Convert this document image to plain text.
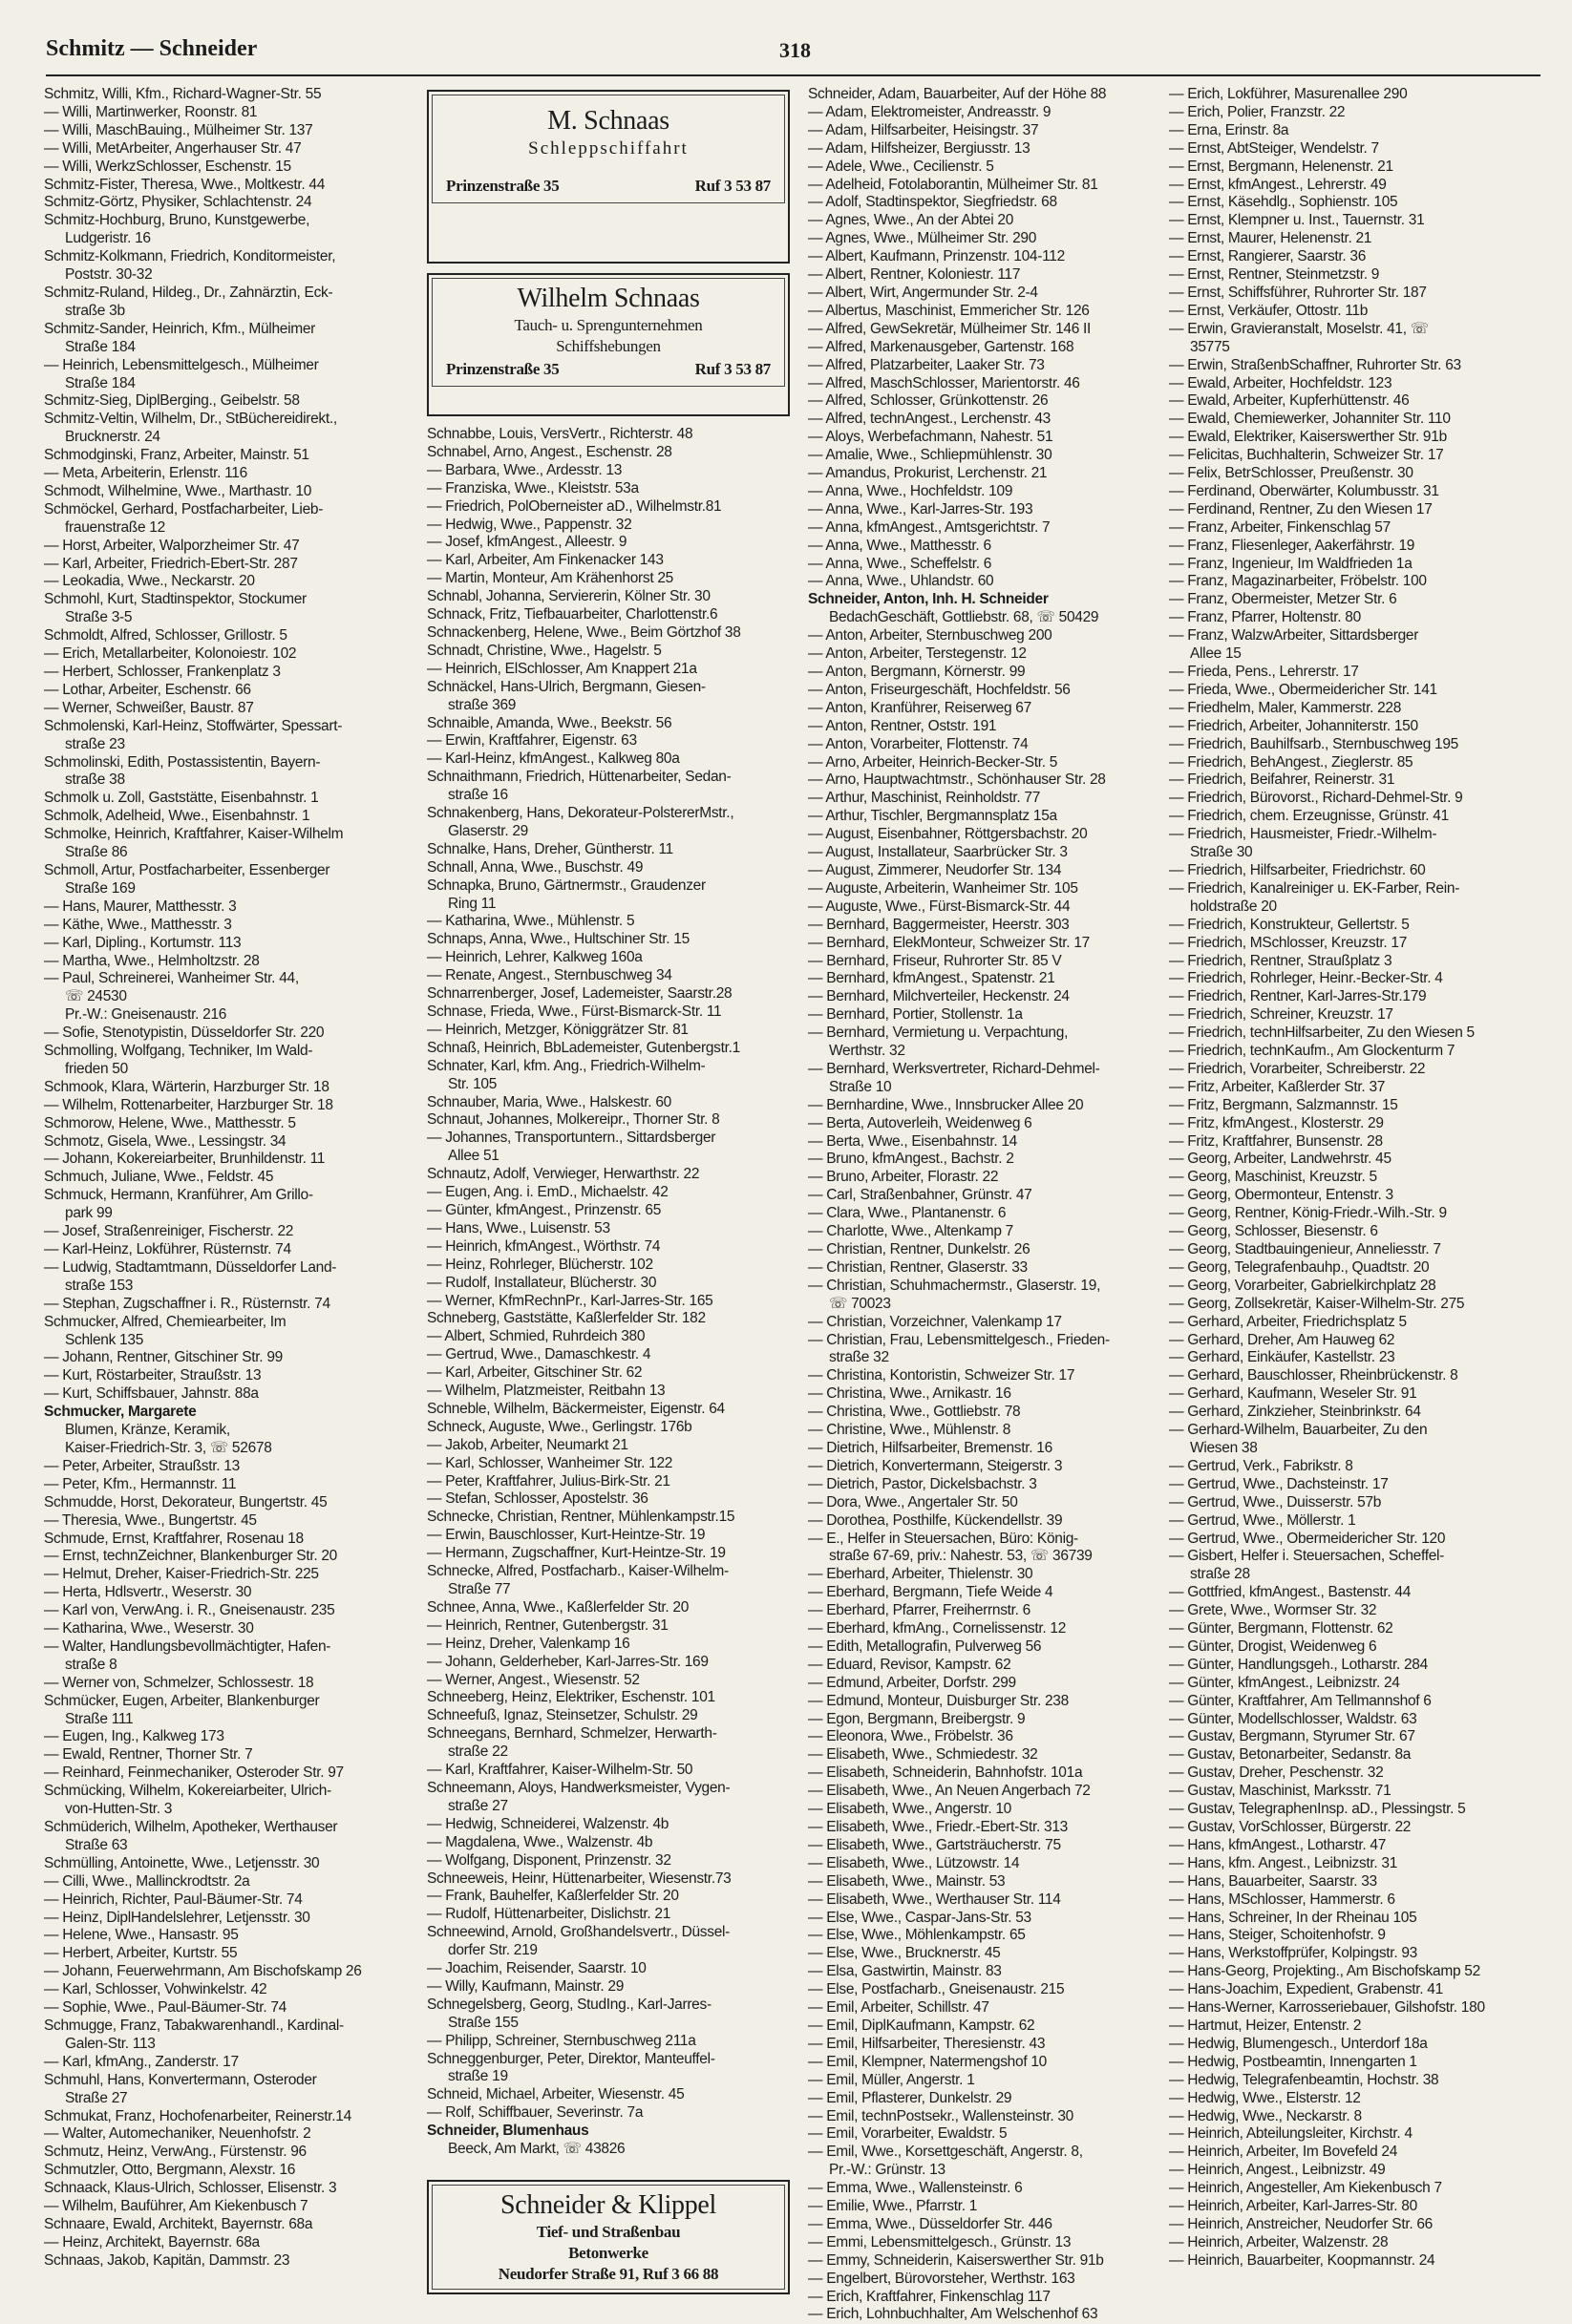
Schmitz — Schneider	318
Schmitz, Willi, Kfm., Richard-Wagner-Str. 55
— Willi, Martinwerker, Roonstr. 81
— Willi, MaschBauing., Mülheimer Str. 137
— Willi, MetArbeiter, Angerhauser Str. 47
— Willi, WerkzSchlosser, Eschenstr. 15
Schmitz-Fister, Theresa, Wwe., Moltkestr. 44
Schmitz-Görtz, Physiker, Schlachtenstr. 24
Schmitz-Hochburg, Bruno, Kunstgewerbe,
Ludgeristr. 16
Schmitz-Kolkmann, Friedrich, Konditormeister,
Poststr. 30-32
Schmitz-Ruland, Hildeg., Dr., Zahnärztin, Eck-
straße 3b
Schmitz-Sander, Heinrich, Kfm., Mülheimer
Straße 184
— Heinrich, Lebensmittelgesch., Mülheimer
Straße 184
Schmitz-Sieg, DiplBerging., Geibelstr. 58
Schmitz-Veltin, Wilhelm, Dr., StBüchereidirekt.,
Brucknerstr. 24
Schmodginski, Franz, Arbeiter, Mainstr. 51
— Meta, Arbeiterin, Erlenstr. 116
Schmodt, Wilhelmine, Wwe., Marthastr. 10
Schmöckel, Gerhard, Postfacharbeiter, Lieb-
frauenstraße 12
— Horst, Arbeiter, Walporzheimer Str. 47
— Karl, Arbeiter, Friedrich-Ebert-Str. 287
— Leokadia, Wwe., Neckarstr. 20
Schmohl, Kurt, Stadtinspektor, Stockumer
Straße 3-5
Schmoldt, Alfred, Schlosser, Grillostr. 5
— Erich, Metallarbeiter, Kolonoiestr. 102
— Herbert, Schlosser, Frankenplatz 3
— Lothar, Arbeiter, Eschenstr. 66
— Werner, Schweißer, Baustr. 87
Schmolenski, Karl-Heinz, Stoffwärter, Spessart-
straße 23
Schmolinski, Edith, Postassistentin, Bayern-
straße 38
Schmolk u. Zoll, Gaststätte, Eisenbahnstr. 1
Schmolk, Adelheid, Wwe., Eisenbahnstr. 1
Schmolke, Heinrich, Kraftfahrer, Kaiser-Wilhelm
Straße 86
Schmoll, Artur, Postfacharbeiter, Essenberger
Straße 169
— Hans, Maurer, Matthesstr. 3
— Käthe, Wwe., Matthesstr. 3
— Karl, Dipling., Kortumstr. 113
— Martha, Wwe., Helmholtzstr. 28
— Paul, Schreinerei, Wanheimer Str. 44,
☏ 24530
Pr.-W.: Gneisenaustr. 216
— Sofie, Stenotypistin, Düsseldorfer Str. 220
Schmolling, Wolfgang, Techniker, Im Wald-
frieden 50
Schmook, Klara, Wärterin, Harzburger Str. 18
— Wilhelm, Rottenarbeiter, Harzburger Str. 18
Schmorow, Helene, Wwe., Matthesstr. 5
Schmotz, Gisela, Wwe., Lessingstr. 34
— Johann, Kokereiarbeiter, Brunhildenstr. 11
Schmuch, Juliane, Wwe., Feldstr. 45
Schmuck, Hermann, Kranführer, Am Grillo-
park 99
— Josef, Straßenreiniger, Fischerstr. 22
— Karl-Heinz, Lokführer, Rüsternstr. 74
— Ludwig, Stadtamtmann, Düsseldorfer Land-
straße 153
— Stephan, Zugschaffner i. R., Rüsternstr. 74
Schmucker, Alfred, Chemiearbeiter, Im
Schlenk 135
— Johann, Rentner, Gitschiner Str. 99
— Kurt, Röstarbeiter, Straußstr. 13
— Kurt, Schiffsbauer, Jahnstr. 88a
Schmucker, Margarete
Blumen, Kränze, Keramik,
Kaiser-Friedrich-Str. 3, ☏ 52678
— Peter, Arbeiter, Straußstr. 13
— Peter, Kfm., Hermannstr. 11
Schmudde, Horst, Dekorateur, Bungertstr. 45
— Theresia, Wwe., Bungertstr. 45
Schmude, Ernst, Kraftfahrer, Rosenau 18
— Ernst, technZeichner, Blankenburger Str. 20
— Helmut, Dreher, Kaiser-Friedrich-Str. 225
— Herta, Hdlsvertr., Weserstr. 30
— Karl von, VerwAng. i. R., Gneisenaustr. 235
— Katharina, Wwe., Weserstr. 30
— Walter, Handlungsbevollmächtigter, Hafen-
straße 8
— Werner von, Schmelzer, Schlossestr. 18
Schmücker, Eugen, Arbeiter, Blankenburger
Straße 111
— Eugen, Ing., Kalkweg 173
— Ewald, Rentner, Thorner Str. 7
— Reinhard, Feinmechaniker, Osteroder Str. 97
Schmücking, Wilhelm, Kokereiarbeiter, Ulrich-
von-Hutten-Str. 3
Schmüderich, Wilhelm, Apotheker, Werthauser
Straße 63
Schmülling, Antoinette, Wwe., Letjensstr. 30
— Cilli, Wwe., Mallinckrodtstr. 2a
— Heinrich, Richter, Paul-Bäumer-Str. 74
— Heinz, DiplHandelslehrer, Letjensstr. 30
— Helene, Wwe., Hansastr. 95
— Herbert, Arbeiter, Kurtstr. 55
— Johann, Feuerwehrmann, Am Bischofskamp 26
— Karl, Schlosser, Vohwinkelstr. 42
— Sophie, Wwe., Paul-Bäumer-Str. 74
Schmugge, Franz, Tabakwarenhandl., Kardinal-
Galen-Str. 113
— Karl, kfmAng., Zanderstr. 17
Schmuhl, Hans, Konvertermann, Osteroder
Straße 27
Schmukat, Franz, Hochofenarbeiter, Reinerstr.14
— Walter, Automechaniker, Neuenhofstr. 2
Schmutz, Heinz, VerwAng., Fürstenstr. 96
Schmutzler, Otto, Bergmann, Alexstr. 16
Schnaack, Klaus-Ulrich, Schlosser, Elisenstr. 3
— Wilhelm, Bauführer, Am Kiekenbusch 7
Schnaare, Ewald, Architekt, Bayernstr. 68a
— Heinz, Architekt, Bayernstr. 68a
Schnaas, Jakob, Kapitän, Dammstr. 23
M. Schnaas
Schleppschiffahrt
Prinzenstraße 35	Ruf 3 53 87
Wilhelm Schnaas
Tauch- u. Sprengunternehmen
Schiffshebungen
Prinzenstraße 35	Ruf 3 53 87
Schnabbe, Louis, VersVertr., Richterstr. 48
Schnabel, Arno, Angest., Eschenstr. 28
— Barbara, Wwe., Ardesstr. 13
— Franziska, Wwe., Kleiststr. 53a
— Friedrich, PolOberneister aD., Wilhelmstr.81
— Hedwig, Wwe., Pappenstr. 32
— Josef, kfmAngest., Alleestr. 9
— Karl, Arbeiter, Am Finkenacker 143
— Martin, Monteur, Am Krähenhorst 25
Schnabl, Johanna, Serviererin, Kölner Str. 30
Schnack, Fritz, Tiefbauarbeiter, Charlottenstr.6
Schnackenberg, Helene, Wwe., Beim Görtzhof 38
Schnadt, Christine, Wwe., Hagelstr. 5
— Heinrich, ElSchlosser, Am Knappert 21a
Schnäckel, Hans-Ulrich, Bergmann, Giesen-
straße 369
Schnaible, Amanda, Wwe., Beekstr. 56
— Erwin, Kraftfahrer, Eigenstr. 63
— Karl-Heinz, kfmAngest., Kalkweg 80a
Schnaithmann, Friedrich, Hüttenarbeiter, Sedan-
straße 16
Schnakenberg, Hans, Dekorateur-PolstererMstr.,
Glaserstr. 29
Schnalke, Hans, Dreher, Güntherstr. 11
Schnall, Anna, Wwe., Buschstr. 49
Schnapka, Bruno, Gärtnermstr., Graudenzer
Ring 11
— Katharina, Wwe., Mühlenstr. 5
Schnaps, Anna, Wwe., Hultschiner Str. 15
— Heinrich, Lehrer, Kalkweg 160a
— Renate, Angest., Sternbuschweg 34
Schnarrenberger, Josef, Lademeister, Saarstr.28
Schnase, Frieda, Wwe., Fürst-Bismarck-Str. 11
— Heinrich, Metzger, Königgrätzer Str. 81
Schnaß, Heinrich, BbLademeister, Gutenbergstr.1
Schnater, Karl, kfm. Ang., Friedrich-Wilhelm-
Str. 105
Schnauber, Maria, Wwe., Halskestr. 60
Schnaut, Johannes, Molkereipr., Thorner Str. 8
— Johannes, Transportuntern., Sittardsberger
Allee 51
Schnautz, Adolf, Verwieger, Herwarthstr. 22
— Eugen, Ang. i. EmD., Michaelstr. 42
— Günter, kfmAngest., Prinzenstr. 65
— Hans, Wwe., Luisenstr. 53
— Heinrich, kfmAngest., Wörthstr. 74
— Heinz, Rohrleger, Blücherstr. 102
— Rudolf, Installateur, Blücherstr. 30
— Werner, KfmRechnPr., Karl-Jarres-Str. 165
Schneberg, Gaststätte, Kaßlerfelder Str. 182
— Albert, Schmied, Ruhrdeich 380
— Gertrud, Wwe., Damaschkestr. 4
— Karl, Arbeiter, Gitschiner Str. 62
— Wilhelm, Platzmeister, Reitbahn 13
Schneble, Wilhelm, Bäckermeister, Eigenstr. 64
Schneck, Auguste, Wwe., Gerlingstr. 176b
— Jakob, Arbeiter, Neumarkt 21
— Karl, Schlosser, Wanheimer Str. 122
— Peter, Kraftfahrer, Julius-Birk-Str. 21
— Stefan, Schlosser, Apostelstr. 36
Schnecke, Christian, Rentner, Mühlenkampstr.15
— Erwin, Bauschlosser, Kurt-Heintze-Str. 19
— Hermann, Zugschaffner, Kurt-Heintze-Str. 19
Schnecke, Alfred, Postfacharb., Kaiser-Wilhelm-
Straße 77
Schnee, Anna, Wwe., Kaßlerfelder Str. 20
— Heinrich, Rentner, Gutenbergstr. 31
— Heinz, Dreher, Valenkamp 16
— Johann, Gelderheber, Karl-Jarres-Str. 169
— Werner, Angest., Wiesenstr. 52
Schneeberg, Heinz, Elektriker, Eschenstr. 101
Schneefuß, Ignaz, Steinsetzer, Schulstr. 29
Schneegans, Bernhard, Schmelzer, Herwarth-
straße 22
— Karl, Kraftfahrer, Kaiser-Wilhelm-Str. 50
Schneemann, Aloys, Handwerksmeister, Vygen-
straße 27
— Hedwig, Schneiderei, Walzenstr. 4b
— Magdalena, Wwe., Walzenstr. 4b
— Wolfgang, Disponent, Prinzenstr. 32
Schneeweis, Heinr, Hüttenarbeiter, Wiesenstr.73
— Frank, Bauhelfer, Kaßlerfelder Str. 20
— Rudolf, Hüttenarbeiter, Dislichstr. 21
Schneewind, Arnold, Großhandelsvertr., Düssel-
dorfer Str. 219
— Joachim, Reisender, Saarstr. 10
— Willy, Kaufmann, Mainstr. 29
Schnegelsberg, Georg, StudIng., Karl-Jarres-
Straße 155
— Philipp, Schreiner, Sternbuschweg 211a
Schneggenburger, Peter, Direktor, Manteuffel-
straße 19
Schneid, Michael, Arbeiter, Wiesenstr. 45
— Rolf, Schiffbauer, Severinstr. 7a
Schneider, Blumenhaus
Beeck, Am Markt, ☏ 43826
Schneider & Klippel
Tief- und Straßenbau
Betonwerke
Neudorfer Straße 91, Ruf 3 66 88
Schneider, Adam, Bauarbeiter, Auf der Höhe 88
— Adam, Elektromeister, Andreasstr. 9
— Adam, Hilfsarbeiter, Heisingstr. 37
— Adam, Hilfsheizer, Bergiusstr. 13
— Adele, Wwe., Cecilienstr. 5
— Adelheid, Fotolaborantin, Mülheimer Str. 81
— Adolf, Stadtinspektor, Siegfriedstr. 68
— Agnes, Wwe., An der Abtei 20
— Agnes, Wwe., Mülheimer Str. 290
— Albert, Kaufmann, Prinzenstr. 104-112
— Albert, Rentner, Koloniestr. 117
— Albert, Wirt, Angermunder Str. 2-4
— Albertus, Maschinist, Emmericher Str. 126
— Alfred, GewSekretär, Mülheimer Str. 146 II
— Alfred, Markenausgeber, Gartenstr. 168
— Alfred, Platzarbeiter, Laaker Str. 73
— Alfred, MaschSchlosser, Marientorstr. 46
— Alfred, Schlosser, Grünkottenstr. 26
— Alfred, technAngest., Lerchenstr. 43
— Aloys, Werbefachmann, Nahestr. 51
— Amalie, Wwe., Schliepmühlenstr. 30
— Amandus, Prokurist, Lerchenstr. 21
— Anna, Wwe., Hochfeldstr. 109
— Anna, Wwe., Karl-Jarres-Str. 193
— Anna, kfmAngest., Amtsgerichtstr. 7
— Anna, Wwe., Matthesstr. 6
— Anna, Wwe., Scheffelstr. 6
— Anna, Wwe., Uhlandstr. 60
Schneider, Anton, Inh. H. Schneider
BedachGeschäft, Gottliebstr. 68, ☏ 50429
— Anton, Arbeiter, Sternbuschweg 200
— Anton, Arbeiter, Terstegenstr. 12
— Anton, Bergmann, Körnerstr. 99
— Anton, Friseurgeschäft, Hochfeldstr. 56
— Anton, Kranführer, Reiserweg 67
— Anton, Rentner, Oststr. 191
— Anton, Vorarbeiter, Flottenstr. 74
— Arno, Arbeiter, Heinrich-Becker-Str. 5
— Arno, Hauptwachtmstr., Schönhauser Str. 28
— Arthur, Maschinist, Reinholdstr. 77
— Arthur, Tischler, Bergmannsplatz 15a
— August, Eisenbahner, Röttgersbachstr. 20
— August, Installateur, Saarbrücker Str. 3
— August, Zimmerer, Neudorfer Str. 134
— Auguste, Arbeiterin, Wanheimer Str. 105
— Auguste, Wwe., Fürst-Bismarck-Str. 44
— Bernhard, Baggermeister, Heerstr. 303
— Bernhard, ElekMonteur, Schweizer Str. 17
— Bernhard, Friseur, Ruhrorter Str. 85 V
— Bernhard, kfmAngest., Spatenstr. 21
— Bernhard, Milchverteiler, Heckenstr. 24
— Bernhard, Portier, Stollenstr. 1a
— Bernhard, Vermietung u. Verpachtung,
Werthstr. 32
— Bernhard, Werksvertreter, Richard-Dehmel-
Straße 10
— Bernhardine, Wwe., Innsbrucker Allee 20
— Berta, Autoverleih, Weidenweg 6
— Berta, Wwe., Eisenbahnstr. 14
— Bruno, kfmAngest., Bachstr. 2
— Bruno, Arbeiter, Florastr. 22
— Carl, Straßenbahner, Grünstr. 47
— Clara, Wwe., Plantanenstr. 6
— Charlotte, Wwe., Altenkamp 7
— Christian, Rentner, Dunkelstr. 26
— Christian, Rentner, Glaserstr. 33
— Christian, Schuhmachermstr., Glaserstr. 19,
☏ 70023
— Christian, Vorzeichner, Valenkamp 17
— Christian, Frau, Lebensmittelgesch., Frieden-
straße 32
— Christina, Kontoristin, Schweizer Str. 17
— Christina, Wwe., Arnikastr. 16
— Christina, Wwe., Gottliebstr. 78
— Christine, Wwe., Mühlenstr. 8
— Dietrich, Hilfsarbeiter, Bremenstr. 16
— Dietrich, Konvertermann, Steigerstr. 3
— Dietrich, Pastor, Dickelsbachstr. 3
— Dora, Wwe., Angertaler Str. 50
— Dorothea, Posthilfe, Kückendellstr. 39
— E., Helfer in Steuersachen, Büro: König-
straße 67-69, priv.: Nahestr. 53, ☏ 36739
— Eberhard, Arbeiter, Thielenstr. 30
— Eberhard, Bergmann, Tiefe Weide 4
— Eberhard, Pfarrer, Freiherrnstr. 6
— Eberhard, kfmAng., Cornelissenstr. 12
— Edith, Metallografin, Pulverweg 56
— Eduard, Revisor, Kampstr. 62
— Edmund, Arbeiter, Dorfstr. 299
— Edmund, Monteur, Duisburger Str. 238
— Egon, Bergmann, Breibergstr. 9
— Eleonora, Wwe., Fröbelstr. 36
— Elisabeth, Wwe., Schmiedestr. 32
— Elisabeth, Schneiderin, Bahnhofstr. 101a
— Elisabeth, Wwe., An Neuen Angerbach 72
— Elisabeth, Wwe., Angerstr. 10
— Elisabeth, Wwe., Friedr.-Ebert-Str. 313
— Elisabeth, Wwe., Gartsträucherstr. 75
— Elisabeth, Wwe., Lützowstr. 14
— Elisabeth, Wwe., Mainstr. 53
— Elisabeth, Wwe., Werthauser Str. 114
— Else, Wwe., Caspar-Jans-Str. 53
— Else, Wwe., Möhlenkampstr. 65
— Else, Wwe., Brucknerstr. 45
— Elsa, Gastwirtin, Mainstr. 83
— Else, Postfacharb., Gneisenaustr. 215
— Emil, Arbeiter, Schillstr. 47
— Emil, DiplKaufmann, Kampstr. 62
— Emil, Hilfsarbeiter, Theresienstr. 43
— Emil, Klempner, Natermengshof 10
— Emil, Müller, Angerstr. 1
— Emil, Pflasterer, Dunkelstr. 29
— Emil, technPostsekr., Wallensteinstr. 30
— Emil, Vorarbeiter, Ewaldstr. 5
— Emil, Wwe., Korsettgeschäft, Angerstr. 8,
Pr.-W.: Grünstr. 13
— Emma, Wwe., Wallensteinstr. 6
— Emilie, Wwe., Pfarrstr. 1
— Emma, Wwe., Düsseldorfer Str. 446
— Emmi, Lebensmittelgesch., Grünstr. 13
— Emmy, Schneiderin, Kaiserswerther Str. 91b
— Engelbert, Bürovorsteher, Werthstr. 163
— Erich, Kraftfahrer, Finkenschlag 117
— Erich, Lohnbuchhalter, Am Welschenhof 63
— Erich, Lokführer, Masurenallee 290
— Erich, Polier, Franzstr. 22
— Erna, Erinstr. 8a
— Ernst, AbtSteiger, Wendelstr. 7
— Ernst, Bergmann, Helenenstr. 21
— Ernst, kfmAngest., Lehrerstr. 49
— Ernst, Käsehdlg., Sophienstr. 105
— Ernst, Klempner u. Inst., Tauernstr. 31
— Ernst, Maurer, Helenenstr. 21
— Ernst, Rangierer, Saarstr. 36
— Ernst, Rentner, Steinmetzstr. 9
— Ernst, Schiffsführer, Ruhrorter Str. 187
— Ernst, Verkäufer, Ottostr. 11b
— Erwin, Gravieranstalt, Moselstr. 41, ☏
35775
— Erwin, StraßenbSchaffner, Ruhrorter Str. 63
— Ewald, Arbeiter, Hochfeldstr. 123
— Ewald, Arbeiter, Kupferhüttenstr. 46
— Ewald, Chemiewerker, Johanniter Str. 110
— Ewald, Elektriker, Kaiserswerther Str. 91b
— Felicitas, Buchhalterin, Schweizer Str. 17
— Felix, BetrSchlosser, Preußenstr. 30
— Ferdinand, Oberwärter, Kolumbusstr. 31
— Ferdinand, Rentner, Zu den Wiesen 17
— Franz, Arbeiter, Finkenschlag 57
— Franz, Fliesenleger, Aakerfährstr. 19
— Franz, Ingenieur, Im Waldfrieden 1a
— Franz, Magazinarbeiter, Fröbelstr. 100
— Franz, Obermeister, Metzer Str. 6
— Franz, Pfarrer, Holtenstr. 80
— Franz, WalzwArbeiter, Sittardsberger
Allee 15
— Frieda, Pens., Lehrerstr. 17
— Frieda, Wwe., Obermeidericher Str. 141
— Friedhelm, Maler, Kammerstr. 228
— Friedrich, Arbeiter, Johanniterstr. 150
— Friedrich, Bauhilfsarb., Sternbuschweg 195
— Friedrich, BehAngest., Zieglerstr. 85
— Friedrich, Beifahrer, Reinerstr. 31
— Friedrich, Bürovorst., Richard-Dehmel-Str. 9
— Friedrich, chem. Erzeugnisse, Grünstr. 41
— Friedrich, Hausmeister, Friedr.-Wilhelm-
Straße 30
— Friedrich, Hilfsarbeiter, Friedrichstr. 60
— Friedrich, Kanalreiniger u. EK-Farber, Rein-
holdstraße 20
— Friedrich, Konstrukteur, Gellertstr. 5
— Friedrich, MSchlosser, Kreuzstr. 17
— Friedrich, Rentner, Straußplatz 3
— Friedrich, Rohrleger, Heinr.-Becker-Str. 4
— Friedrich, Rentner, Karl-Jarres-Str.179
— Friedrich, Schreiner, Kreuzstr. 17
— Friedrich, technHilfsarbeiter, Zu den Wiesen 5
— Friedrich, technKaufm., Am Glockenturm 7
— Friedrich, Vorarbeiter, Schreiberstr. 22
— Fritz, Arbeiter, Kaßlerder Str. 37
— Fritz, Bergmann, Salzmannstr. 15
— Fritz, kfmAngest., Klosterstr. 29
— Fritz, Kraftfahrer, Bunsenstr. 28
— Georg, Arbeiter, Landwehrstr. 45
— Georg, Maschinist, Kreuzstr. 5
— Georg, Obermonteur, Entenstr. 3
— Georg, Rentner, König-Friedr.-Wilh.-Str. 9
— Georg, Schlosser, Biesenstr. 6
— Georg, Stadtbauingenieur, Anneliesstr. 7
— Georg, Telegrafenbauhp., Quadtstr. 20
— Georg, Vorarbeiter, Gabrielkirchplatz 28
— Georg, Zollsekretär, Kaiser-Wilhelm-Str. 275
— Gerhard, Arbeiter, Friedrichsplatz 5
— Gerhard, Dreher, Am Hauweg 62
— Gerhard, Einkäufer, Kastellstr. 23
— Gerhard, Bauschlosser, Rheinbrückenstr. 8
— Gerhard, Kaufmann, Weseler Str. 91
— Gerhard, Zinkzieher, Steinbrinkstr. 64
— Gerhard-Wilhelm, Bauarbeiter, Zu den
Wiesen 38
— Gertrud, Verk., Fabrikstr. 8
— Gertrud, Wwe., Dachsteinstr. 17
— Gertrud, Wwe., Duisserstr. 57b
— Gertrud, Wwe., Möllerstr. 1
— Gertrud, Wwe., Obermeidericher Str. 120
— Gisbert, Helfer i. Steuersachen, Scheffel-
straße 28
— Gottfried, kfmAngest., Bastenstr. 44
— Grete, Wwe., Wormser Str. 32
— Günter, Bergmann, Flottenstr. 62
— Günter, Drogist, Weidenweg 6
— Günter, Handlungsgeh., Lotharstr. 284
— Günter, kfmAngest., Leibnizstr. 24
— Günter, Kraftfahrer, Am Tellmannshof 6
— Günter, Modellschlosser, Waldstr. 63
— Gustav, Bergmann, Styrumer Str. 67
— Gustav, Betonarbeiter, Sedanstr. 8a
— Gustav, Dreher, Peschenstr. 32
— Gustav, Maschinist, Marksstr. 71
— Gustav, TelegraphenInsp. aD., Plessingstr. 5
— Gustav, VorSchlosser, Bürgerstr. 22
— Hans, kfmAngest., Lotharstr. 47
— Hans, kfm. Angest., Leibnizstr. 31
— Hans, Bauarbeiter, Saarstr. 33
— Hans, MSchlosser, Hammerstr. 6
— Hans, Schreiner, In der Rheinau 105
— Hans, Steiger, Schoitenhofstr. 9
— Hans, Werkstoffprüfer, Kolpingstr. 93
— Hans-Georg, Projekting., Am Bischofskamp 52
— Hans-Joachim, Expedient, Grabenstr. 41
— Hans-Werner, Karrosseriebauer, Gilshofstr. 180
— Hartmut, Heizer, Entenstr. 2
— Hedwig, Blumengesch., Unterdorf 18a
— Hedwig, Postbeamtin, Innengarten 1
— Hedwig, Telegrafenbeamtin, Hochstr. 38
— Hedwig, Wwe., Elsterstr. 12
— Hedwig, Wwe., Neckarstr. 8
— Heinrich, Abteilungsleiter, Kirchstr. 4
— Heinrich, Arbeiter, Im Bovefeld 24
— Heinrich, Angest., Leibnizstr. 49
— Heinrich, Angesteller, Am Kiekenbusch 7
— Heinrich, Arbeiter, Karl-Jarres-Str. 80
— Heinrich, Anstreicher, Neudorfer Str. 66
— Heinrich, Arbeiter, Walzenstr. 28
— Heinrich, Bauarbeiter, Koopmannstr. 24
